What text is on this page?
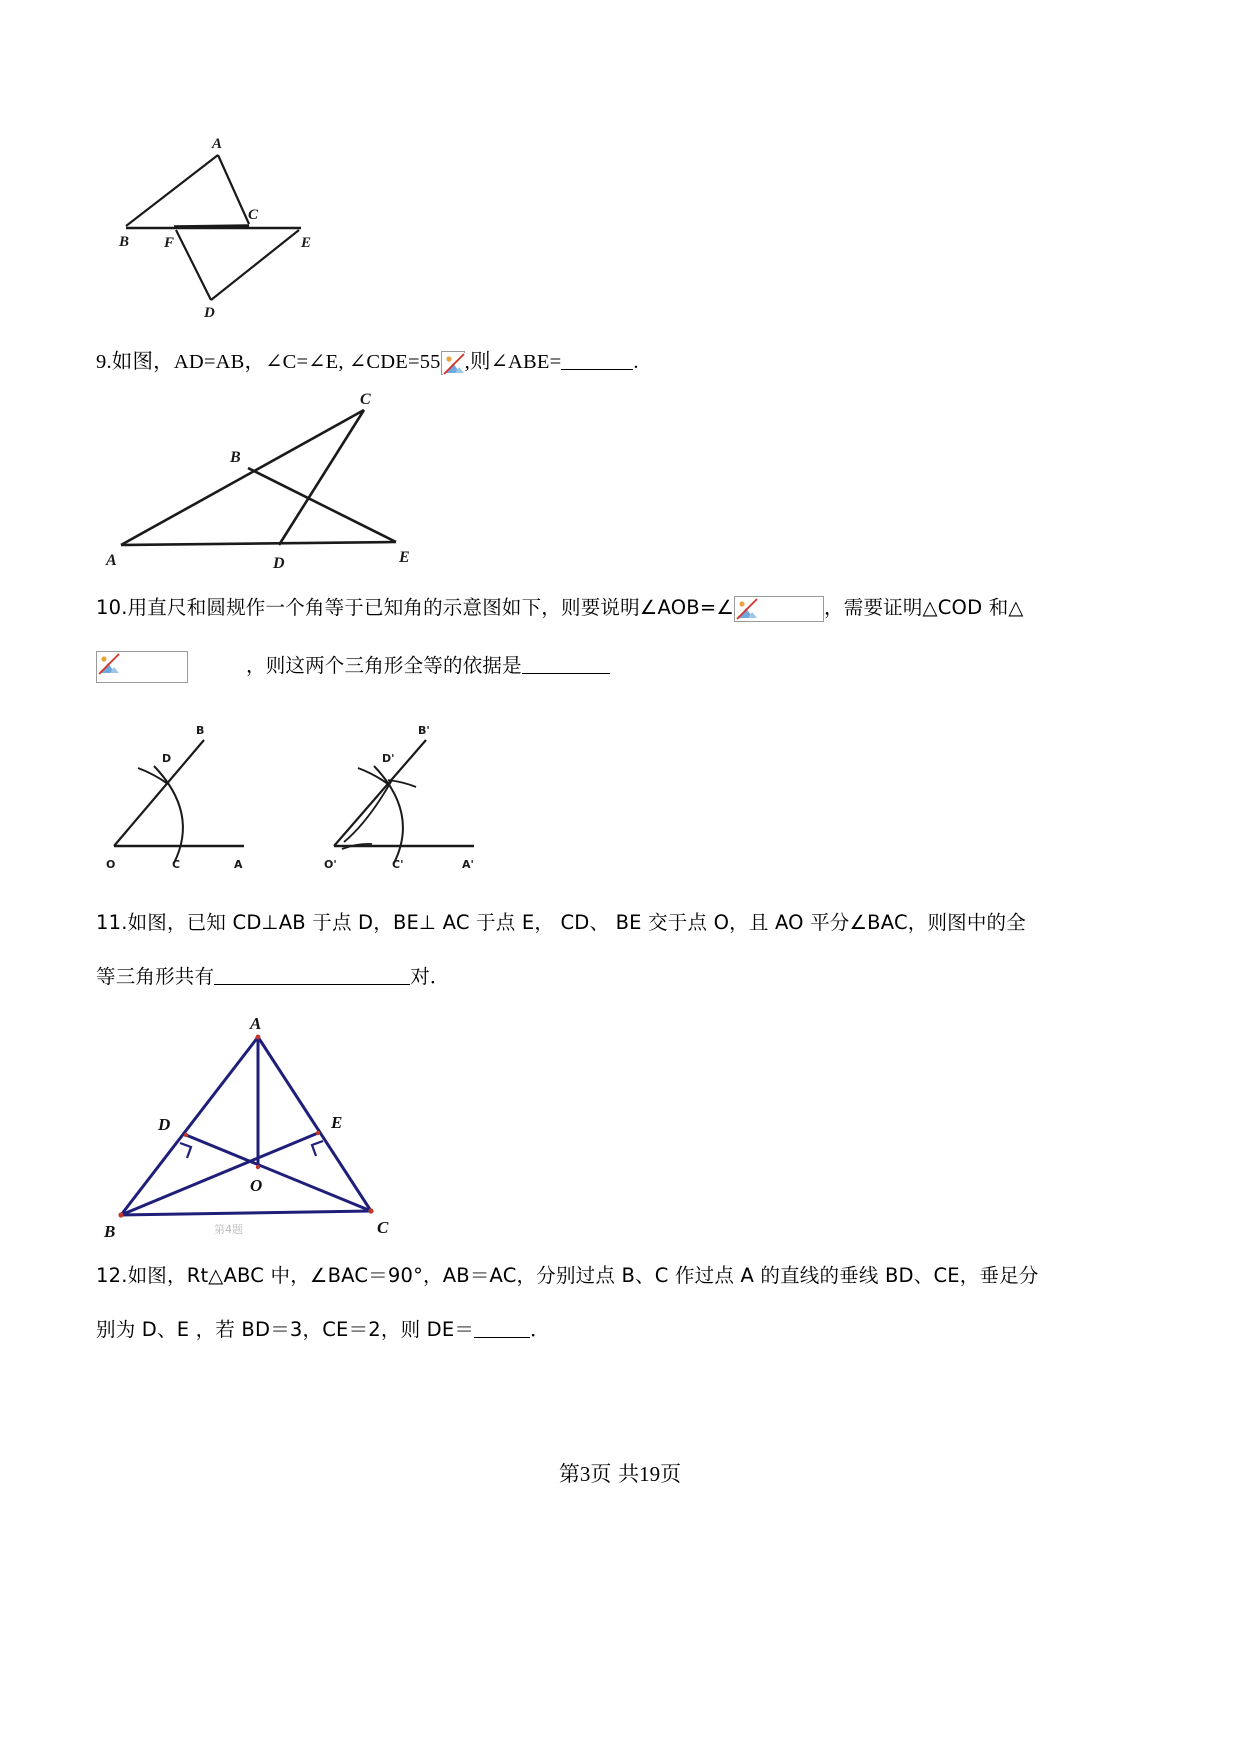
A
B
C
D
E
F
9.如图，AD=AB，∠C=∠E, ∠CDE=55 ,则∠ABE=	.
C
B
A	D	E
10.用直尺和圆规作一个角等于已知角的示意图如下，则要说明∠AOB=∠	，需要证明△COD 和△
，则这两个三角形全等的依据是
B
D
O	C	A
B'
D'
O'	C'	A'
11.如图，已知 CD⊥AB 于点 D，BE⊥ AC 于点 E， CD、 BE 交于点 O，且 AO 平分∠BAC，则图中的全
等三角形共有	对．
A
D	E
O
B	C
第4题
12.如图，Rt△ABC 中，∠BAC＝90°，AB＝AC，分别过点 B、C 作过点 A 的直线的垂线 BD、CE，垂足分
别为 D、E ，若 BD＝3，CE＝2，则 DE＝	．
第3页 共19页
